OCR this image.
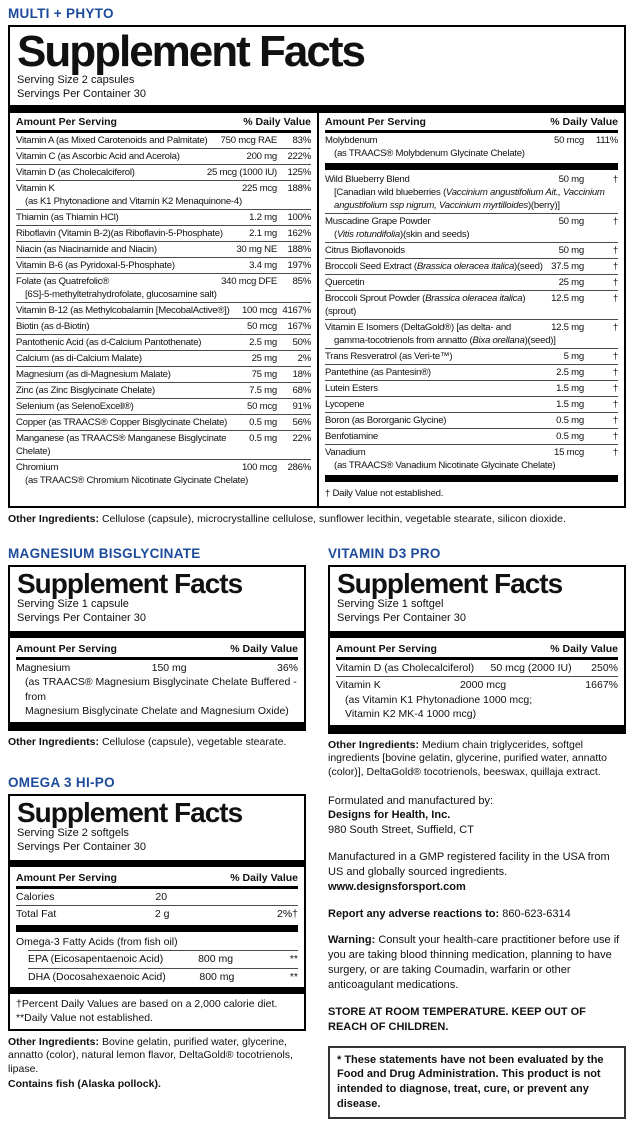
MULTI + PHYTO
Supplement Facts
Serving Size 2 capsules
Servings Per Container 30
Amount Per Serving	% Daily Value
Vitamin A (as Mixed Carotenoids and Palmitate)	750 mcg RAE	83%
Vitamin C (as Ascorbic Acid and Acerola)	200 mg	222%
Vitamin D (as Cholecalciferol)	25 mcg (1000 IU)	125%
Vitamin K	225 mcg	188%
(as K1 Phytonadione and Vitamin K2 Menaquinone-4)
Thiamin (as Thiamin HCl)	1.2 mg	100%
Riboflavin (Vitamin B-2)(as Riboflavin-5-Phosphate)	2.1 mg	162%
Niacin (as Niacinamide and Niacin)	30 mg NE	188%
Vitamin B-6 (as Pyridoxal-5-Phosphate)	3.4 mg	197%
Folate (as Quatrefolic®	340 mcg DFE	85%
[6S]-5-methyltetrahydrofolate, glucosamine salt)
Vitamin B-12 (as Methylcobalamin [MecobalActive®])	100 mcg 4167%
Biotin (as d-Biotin)	50 mcg	167%
Pantothenic Acid (as d-Calcium Pantothenate)	2.5 mg	50%
Calcium (as di-Calcium Malate)	25 mg	2%
Magnesium (as di-Magnesium Malate)	75 mg	18%
Zinc (as Zinc Bisglycinate Chelate)	7.5 mg	68%
Selenium (as SelenoExcell®)	50 mcg	91%
Copper (as TRAACS® Copper Bisglycinate Chelate)	0.5 mg	56%
Manganese (as TRAACS® Manganese Bisglycinate Chelate)
0.5 mg	22%
Chromium	100 mcg	286%
(as TRAACS® Chromium Nicotinate Glycinate Chelate)
Amount Per Serving	% Daily Value
Molybdenum	50 mcg	111%
(as TRAACS® Molybdenum Glycinate Chelate)
Wild Blueberry Blend	50 mg	†
[Canadian wild blueberries (Vaccinium angustifolium Ait., Vaccinium angustifolium ssp nigrum, Vaccinium myrtilloides)(berry)]
Muscadine Grape Powder	50 mg	†
(Vitis rotundifolia)(skin and seeds)
Citrus Bioflavonoids	50 mg	†
Broccoli Seed Extract (Brassica oleracea italica)(seed) 37.5 mg	†
Quercetin	25 mg	†
Broccoli Sprout Powder (Brassica oleracea italica)(sprout)
12.5 mg	†
Vitamin E Isomers (DeltaGold®) [as delta- and	12.5 mg	†
gamma-tocotrienols from annatto (Bixa orellana)(seed)]
Trans Resveratrol (as Veri-te™)	5 mg	†
Pantethine (as Pantesin®)	2.5 mg	†
Lutein Esters	1.5 mg	†
Lycopene	1.5 mg	†
Boron (as Bororganic Glycine)	0.5 mg	†
Benfotiamine	0.5 mg	†
Vanadium	15 mcg	†
(as TRAACS® Vanadium Nicotinate Glycinate Chelate)
† Daily Value not established.

Other Ingredients: Cellulose (capsule), microcrystalline cellulose, sunflower lecithin, vegetable stearate, silicon dioxide.

MAGNESIUM BISGLYCINATE
Supplement Facts
Serving Size 1 capsule
Servings Per Container 30
Amount Per Serving	% Daily Value
Magnesium	150 mg	36%
(as TRAACS® Magnesium Bisglycinate Chelate Buffered - from
Magnesium Bisglycinate Chelate and Magnesium Oxide)

Other Ingredients: Cellulose (capsule), vegetable stearate.

OMEGA 3 HI-PO
Supplement Facts
Serving Size 2 softgels
Servings Per Container 30
Amount Per Serving	% Daily Value
Calories	20
Total Fat	2 g	2%†
Omega-3 Fatty Acids (from fish oil)
EPA (Eicosapentaenoic Acid)	800 mg	**
DHA (Docosahexaenoic Acid)	800 mg	**
†Percent Daily Values are based on a 2,000 calorie diet.
**Daily Value not established.

Other Ingredients: Bovine gelatin, purified water, glycerine, annatto (color), natural lemon flavor, DeltaGold® tocotrienols, lipase.

Contains fish (Alaska pollock).

VITAMIN D3 PRO
Supplement Facts
Serving Size 1 softgel
Servings Per Container 30
Amount Per Serving	% Daily Value
Vitamin D (as Cholecalciferol)	50 mcg (2000 IU)	250%
Vitamin K	2000 mcg	1667%
(as Vitamin K1 Phytonadione 1000 mcg;
Vitamin K2 MK-4 1000 mcg)

Other Ingredients: Medium chain triglycerides, softgel ingredients [bovine gelatin, glycerine, purified water, annatto (color)], DeltaGold® tocotrienols, beeswax, quillaja extract.

Formulated and manufactured by:

Designs for Health, Inc.

980 South Street, Suffield, CT

Manufactured in a GMP registered facility in the USA from US and globally sourced ingredients. www.designsforsport.com

Report any adverse reactions to: 860-623-6314

Warning: Consult your health-care practitioner before use if you are taking blood thinning medication, planning to have surgery, or are taking Coumadin, warfarin or other anticoagulant medications.

STORE AT ROOM TEMPERATURE. KEEP OUT OF REACH OF CHILDREN.

* These statements have not been evaluated by the Food and Drug Administration. This product is not intended to diagnose, treat, cure, or prevent any disease.
